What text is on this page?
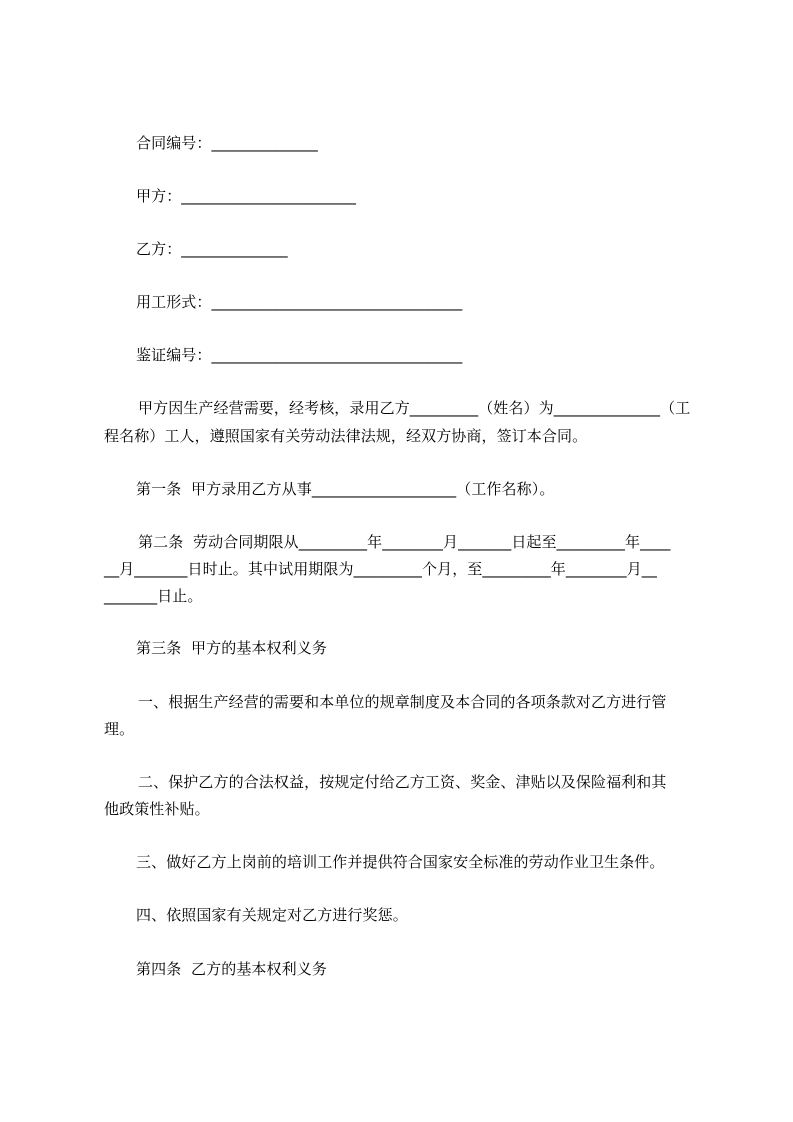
合同编号：______________
甲方：_______________________
乙方：______________
用工形式：_________________________________
鉴证编号：_________________________________
甲方因生产经营需要，经考核，录用乙方_________（姓名）为______________（工
程名称）工人，遵照国家有关劳动法律法规，经双方协商，签订本合同。
第一条  甲方录用乙方从事___________________（工作名称）。
第二条  劳动合同期限从_________年________月_______日起至_________年____
__月_______日时止。其中试用期限为_________个月，至_________年________月__
_______日止。
第三条  甲方的基本权利义务
一、根据生产经营的需要和本单位的规章制度及本合同的各项条款对乙方进行管
理。
二、保护乙方的合法权益，按规定付给乙方工资、奖金、津贴以及保险福利和其
他政策性补贴。
三、做好乙方上岗前的培训工作并提供符合国家安全标准的劳动作业卫生条件。
四、依照国家有关规定对乙方进行奖惩。
第四条  乙方的基本权利义务
